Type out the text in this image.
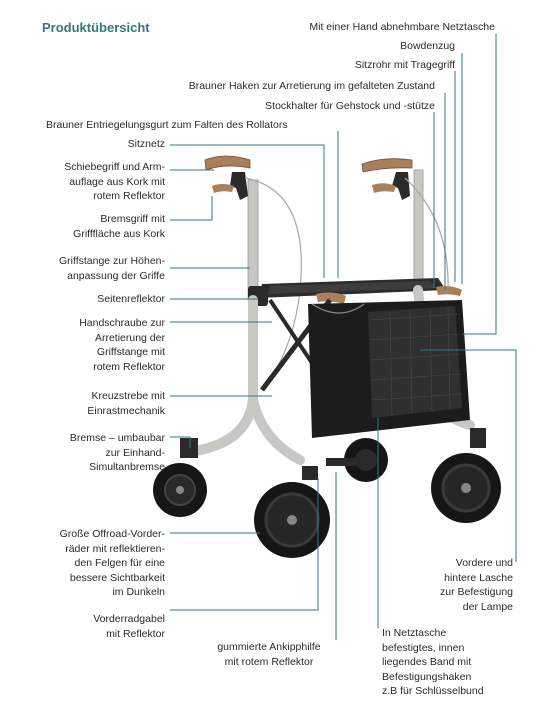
Produktübersicht	Mit einer Hand abnehmbare Netztasche
Bowdenzug
Sitzrohr mit Tragegriff
Brauner Haken zur Arretierung im gefalteten Zustand
Stockhalter für Gehstock und -stütze
Brauner Entriegelungsgurt zum Falten des Rollators
Sitznetz
Schiebegriff und Arm-
auflage aus Kork mit
rotem Reflektor
Bremsgriff mit
Grifffläche aus Kork
Griffstange zur Höhen-
anpassung der Griffe
Seitenreflektor
Handschraube zur
Arretierung der
Griffstange mit
rotem Reflektor
Kreuzstrebe mit
Einrastmechanik
Bremse – umbaubar
zur Einhand-
Simultanbremse
Große Offroad-Vorder-
räder mit reflektieren-
den Felgen für eine
bessere Sichtbarkeit
im Dunkeln
Vorderradgabel
mit Reflektor
gummierte Ankipphilfe
mit rotem Reflektor
In Netztasche
befestigtes, innen
liegendes Band mit
Befestigungshaken
z.B für Schlüsselbund
Vordere und
hintere Lasche
zur Befestigung
der Lampe
